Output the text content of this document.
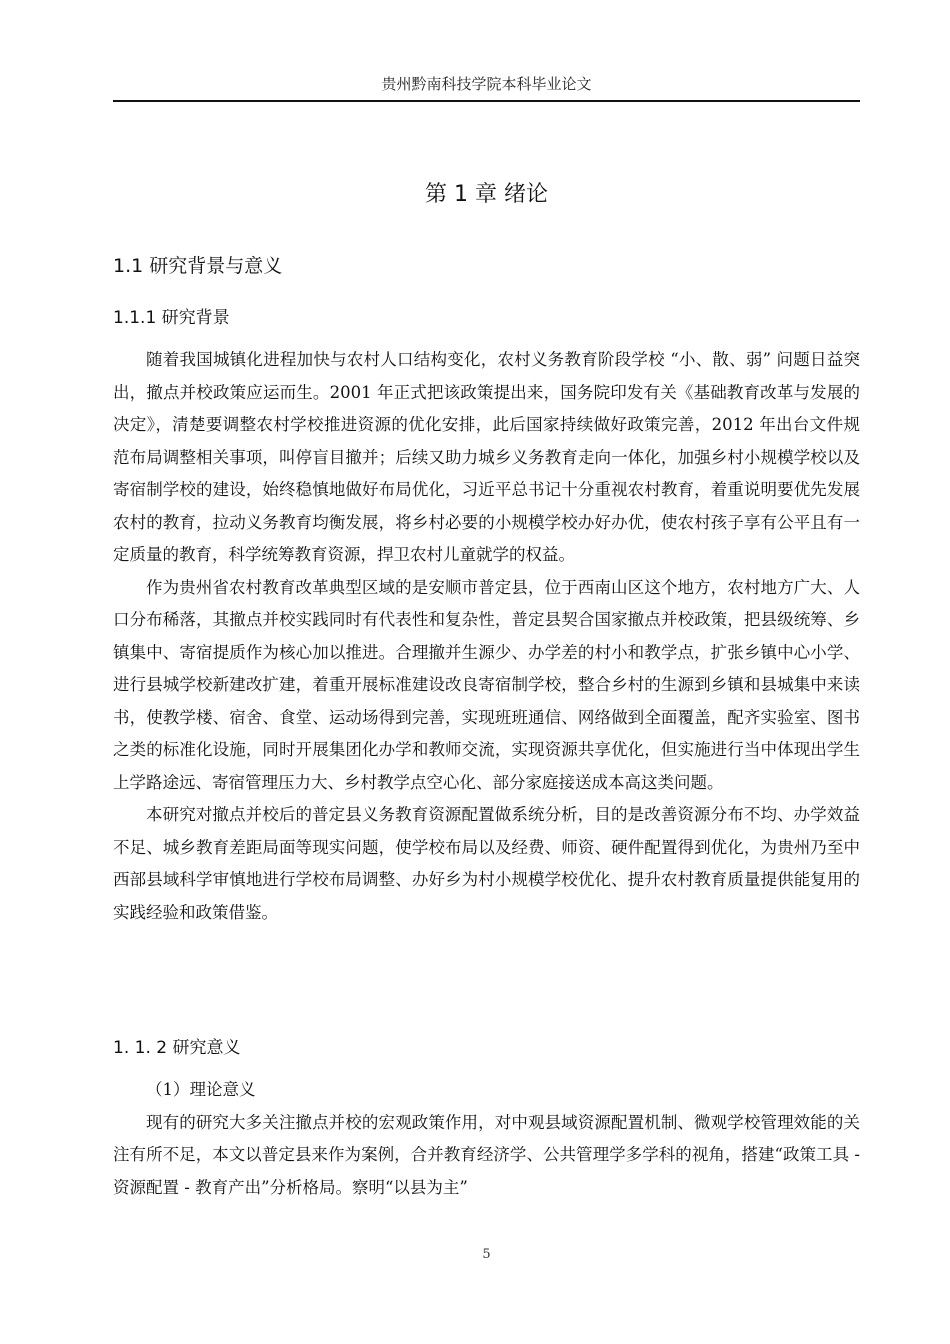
贵州黔南科技学院本科毕业论文
第 1 章 绪论
1.1 研究背景与意义
1.1.1 研究背景

随着我国城镇化进程加快与农村人口结构变化，农村义务教育阶段学校 “小、散、弱” 问题日益突出，撤点并校政策应运而生。2001 年正式把该政策提出来，国务院印发有关《基础教育改革与发展的决定》，清楚要调整农村学校推进资源的优化安排，此后国家持续做好政策完善，2012 年出台文件规范布局调整相关事项，叫停盲目撤并；后续又助力城乡义务教育走向一体化，加强乡村小规模学校以及寄宿制学校的建设，始终稳慎地做好布局优化，习近平总书记十分重视农村教育，着重说明要优先发展农村的教育，拉动义务教育均衡发展，将乡村必要的小规模学校办好办优，使农村孩子享有公平且有一定质量的教育，科学统筹教育资源，捍卫农村儿童就学的权益。

作为贵州省农村教育改革典型区域的是安顺市普定县，位于西南山区这个地方，农村地方广大、人口分布稀落，其撤点并校实践同时有代表性和复杂性，普定县契合国家撤点并校政策，把县级统筹、乡镇集中、寄宿提质作为核心加以推进。合理撤并生源少、办学差的村小和教学点，扩张乡镇中心小学、进行县城学校新建改扩建，着重开展标准建设改良寄宿制学校，整合乡村的生源到乡镇和县城集中来读书，使教学楼、宿舍、食堂、运动场得到完善，实现班班通信、网络做到全面覆盖，配齐实验室、图书之类的标准化设施，同时开展集团化办学和教师交流，实现资源共享优化，但实施进行当中体现出学生上学路途远、寄宿管理压力大、乡村教学点空心化、部分家庭接送成本高这类问题。

本研究对撤点并校后的普定县义务教育资源配置做系统分析，目的是改善资源分布不均、办学效益不足、城乡教育差距局面等现实问题，使学校布局以及经费、师资、硬件配置得到优化，为贵州乃至中西部县域科学审慎地进行学校布局调整、办好乡为村小规模学校优化、提升农村教育质量提供能复用的实践经验和政策借鉴。

1. 1. 2 研究意义

（1）理论意义

现有的研究大多关注撤点并校的宏观政策作用，对中观县域资源配置机制、微观学校管理效能的关注有所不足，本文以普定县来作为案例，合并教育经济学、公共管理学多学科的视角，搭建“政策工具 - 资源配置 - 教育产出”分析格局。察明“以县为主”

5
